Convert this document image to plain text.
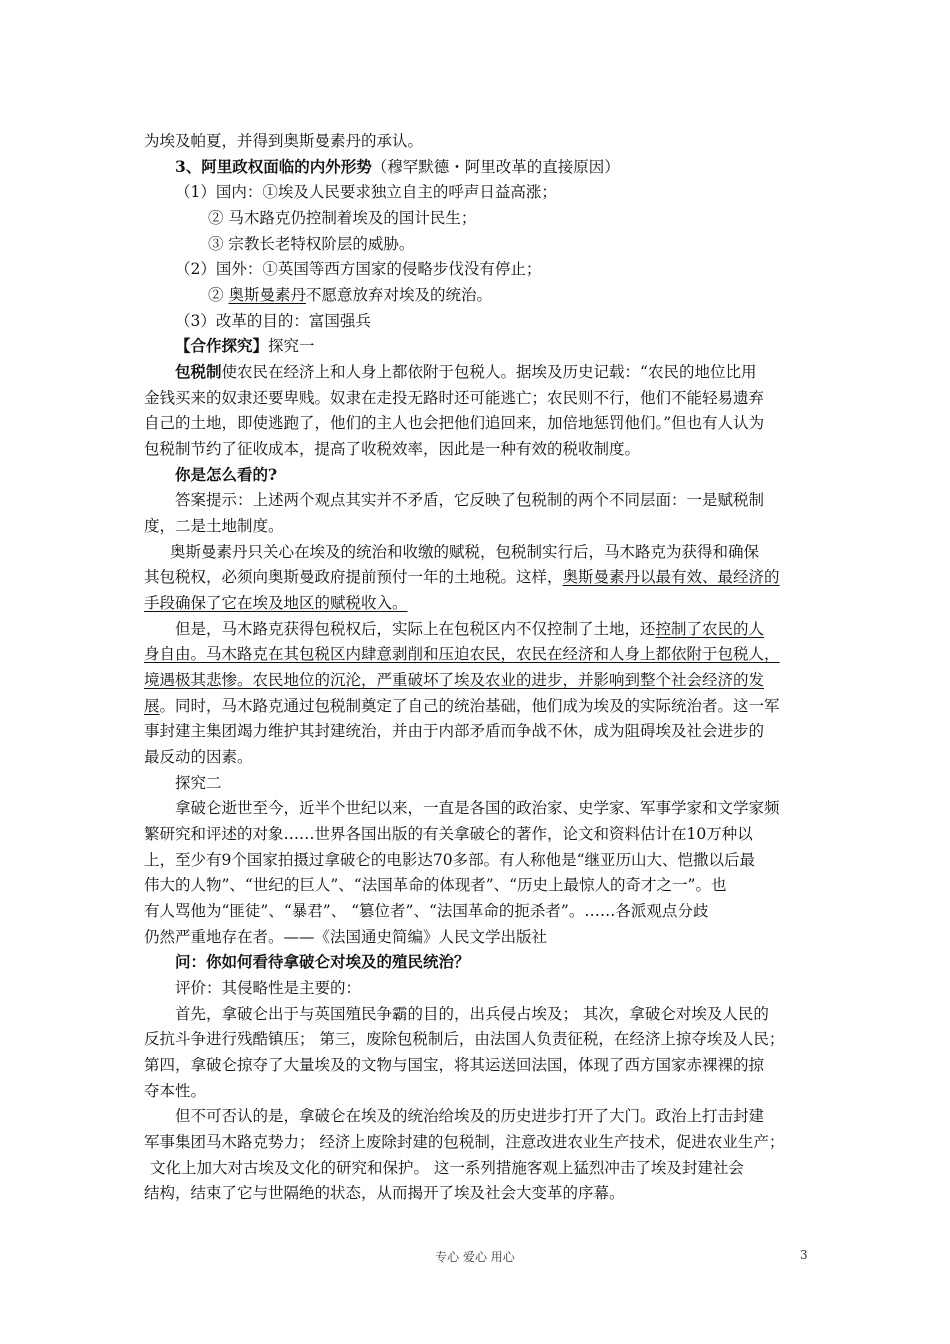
为埃及帕夏，并得到奥斯曼素丹的承认。
3、阿里政权面临的内外形势（穆罕默德・阿里改革的直接原因）
（1）国内：①埃及人民要求独立自主的呼声日益高涨；
② 马木路克仍控制着埃及的国计民生；
③ 宗教长老特权阶层的威胁。
（2）国外：①英国等西方国家的侵略步伐没有停止；
② 奥斯曼素丹不愿意放弃对埃及的统治。
（3）改革的目的：富国强兵
【合作探究】探究一
包税制使农民在经济上和人身上都依附于包税人。据埃及历史记载：“农民的地位比用
金钱买来的奴隶还要卑贱。奴隶在走投无路时还可能逃亡；农民则不行，他们不能轻易遗弃
自己的土地，即使逃跑了，他们的主人也会把他们追回来，加倍地惩罚他们。”但也有人认为
包税制节约了征收成本，提高了收税效率，因此是一种有效的税收制度。
你是怎么看的?
答案提示：上述两个观点其实并不矛盾，它反映了包税制的两个不同层面：一是赋税制
度，二是土地制度。
奥斯曼素丹只关心在埃及的统治和收缴的赋税，包税制实行后，马木路克为获得和确保
其包税权，必须向奥斯曼政府提前预付一年的土地税。这样，奥斯曼素丹以最有效、最经济的
手段确保了它在埃及地区的赋税收入。
但是，马木路克获得包税权后，实际上在包税区内不仅控制了土地，还控制了农民的人
身自由。马木路克在其包税区内肆意剥削和压迫农民，农民在经济和人身上都依附于包税人，
境遇极其悲惨。农民地位的沉沦，严重破坏了埃及农业的进步，并影响到整个社会经济的发
展。同时，马木路克通过包税制奠定了自己的统治基础，他们成为埃及的实际统治者。这一军
事封建主集团竭力维护其封建统治，并由于内部矛盾而争战不休，成为阻碍埃及社会进步的
最反动的因素。
探究二
拿破仑逝世至今，近半个世纪以来，一直是各国的政治家、史学家、军事学家和文学家频
繁研究和评述的对象……世界各国出版的有关拿破仑的著作，论文和资料估计在10万种以
上，至少有9个国家拍摄过拿破仑的电影达70多部。有人称他是“继亚历山大、恺撒以后最
伟大的人物”、“世纪的巨人”、“法国革命的体现者”、“历史上最惊人的奇才之一”。也
有人骂他为“匪徒”、“暴君”、 “篡位者”、“法国革命的扼杀者”。……各派观点分歧
仍然严重地存在者。——《法国通史简编》人民文学出版社
问：你如何看待拿破仑对埃及的殖民统治？
评价：其侵略性是主要的：
首先，拿破仑出于与英国殖民争霸的目的，出兵侵占埃及； 其次，拿破仑对埃及人民的
反抗斗争进行残酷镇压； 第三，废除包税制后，由法国人负责征税，在经济上掠夺埃及人民；
第四，拿破仑掠夺了大量埃及的文物与国宝，将其运送回法国，体现了西方国家赤裸裸的掠
夺本性。
但不可否认的是，拿破仑在埃及的统治给埃及的历史进步打开了大门。政治上打击封建
军事集团马木路克势力； 经济上废除封建的包税制，注意改进农业生产技术，促进农业生产；
文化上加大对古埃及文化的研究和保护。 这一系列措施客观上猛烈冲击了埃及封建社会
结构，结束了它与世隔绝的状态，从而揭开了埃及社会大变革的序幕。
专心 爱心 用心	3
